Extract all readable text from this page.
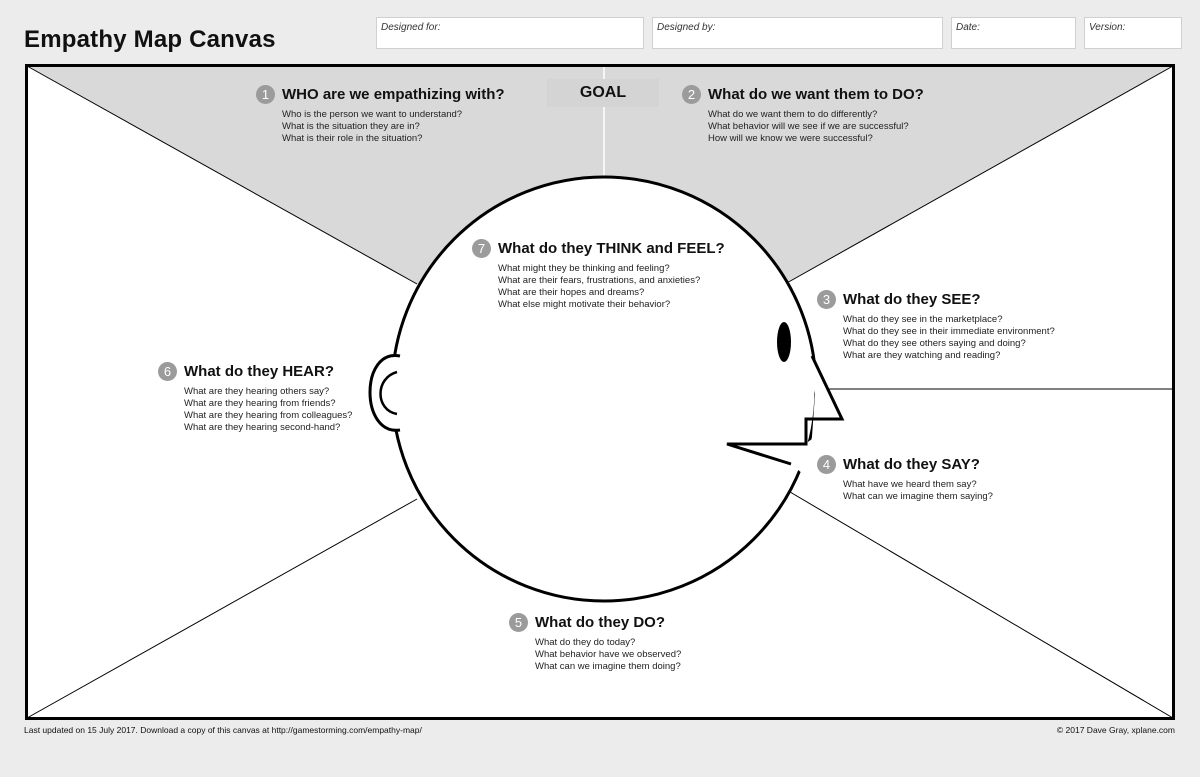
Empathy Map Canvas	Designed for:	Designed by:	Date:	Version:
GOAL
1 WHO are we empathizing with?
Who is the person we want to understand?
What is the situation they are in?
What is their role in the situation?
2 What do we want them to DO?
What do we want them to do differently?
What behavior will we see if we are successful?
How will we know we were successful?
7 What do they THINK and FEEL?
What might they be thinking and feeling?
What are their fears, frustrations, and anxieties?
What are their hopes and dreams?
What else might motivate their behavior?	3 What do they SEE?
What do they see in the marketplace?
What do they see in their immediate environment?
What do they see others saying and doing?
What are they watching and reading?
6 What do they HEAR?
What are they hearing others say?
What are they hearing from friends?
What are they hearing from colleagues?
What are they hearing second-hand?
4 What do they SAY?
What have we heard them say?
What can we imagine them saying?
5 What do they DO?
What do they do today?
What behavior have we observed?
What can we imagine them doing?
Last updated on 15 July 2017. Download a copy of this canvas at http://gamestorming.com/empathy-map/	© 2017 Dave Gray, xplane.com
